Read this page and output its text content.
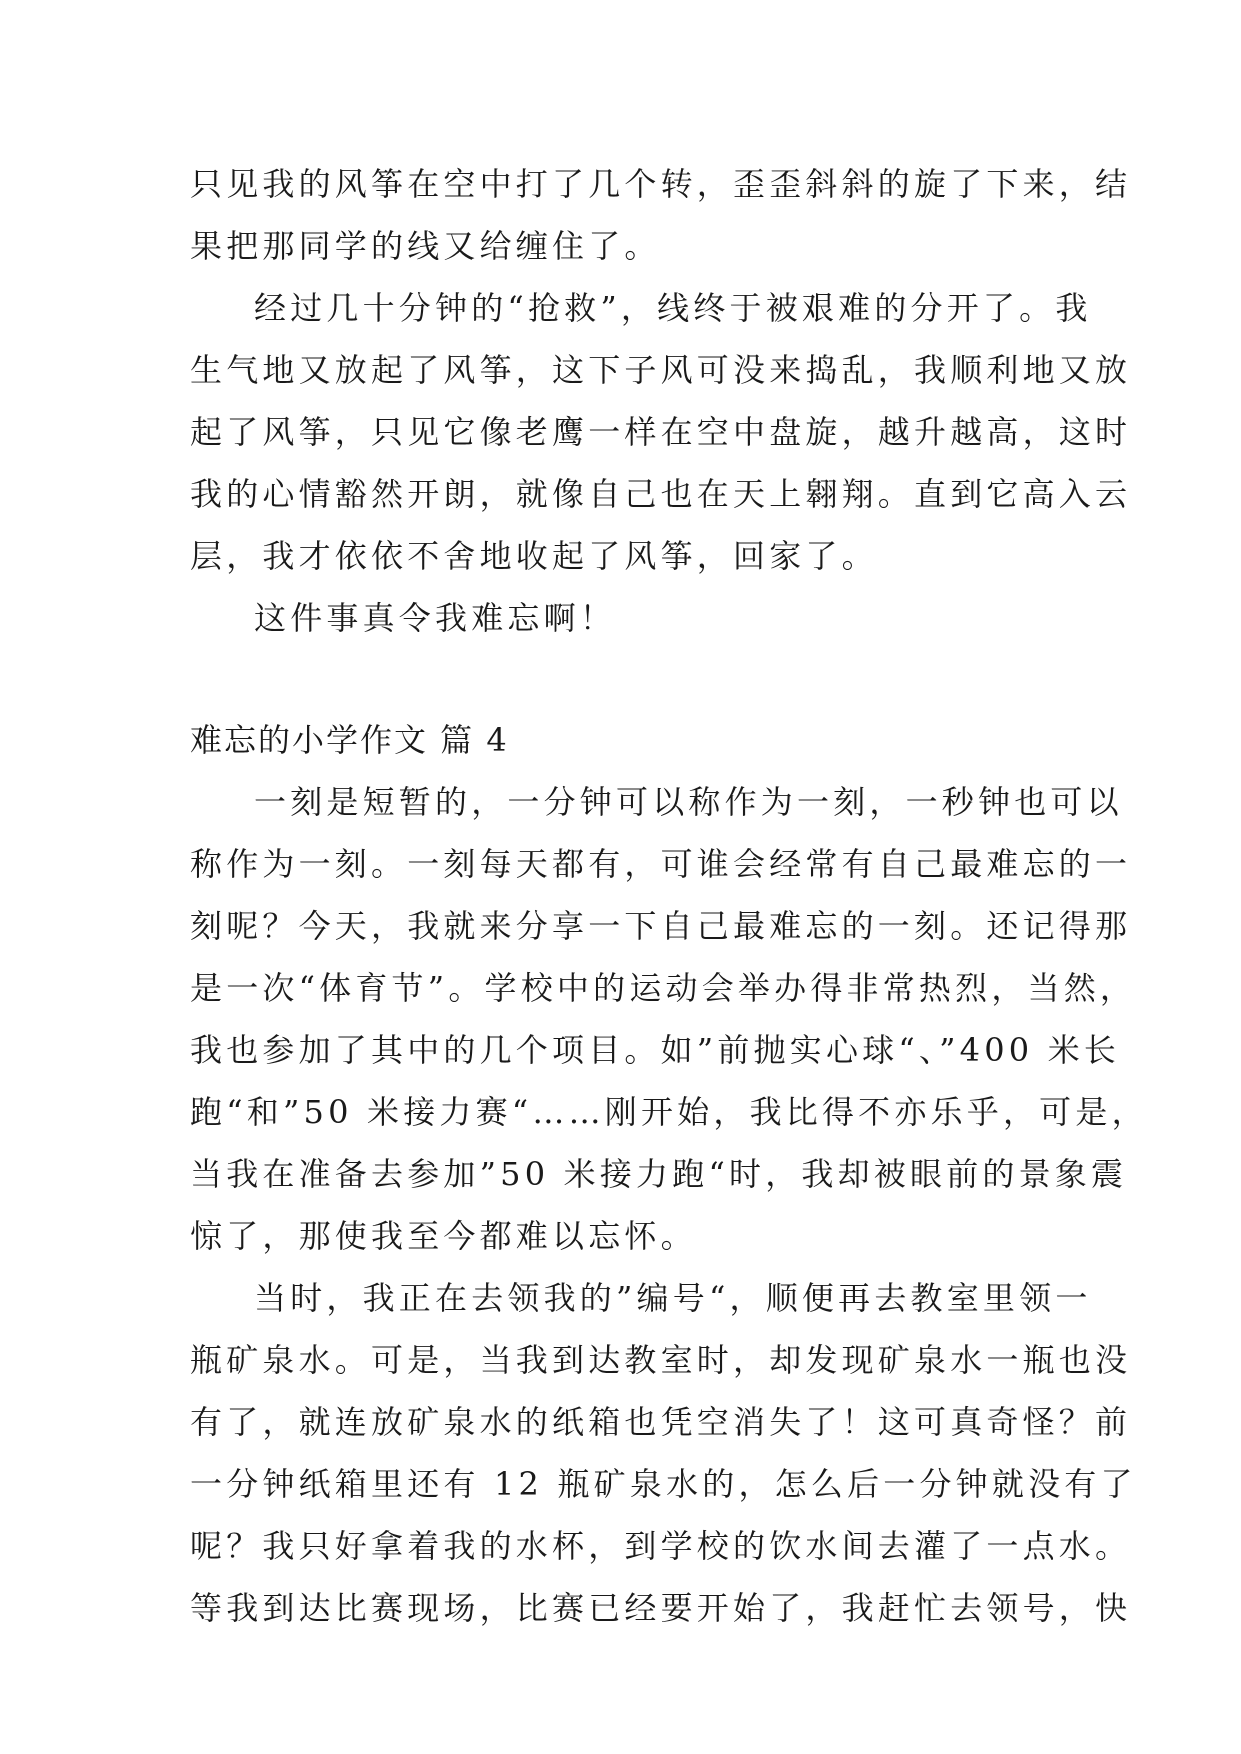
只见我的风筝在空中打了几个转，歪歪斜斜的旋了下来，结
果把那同学的线又给缠住了。
经过几十分钟的“抢救”，线终于被艰难的分开了。我
生气地又放起了风筝，这下子风可没来捣乱，我顺利地又放
起了风筝，只见它像老鹰一样在空中盘旋，越升越高，这时
我的心情豁然开朗，就像自己也在天上翱翔。直到它高入云
层，我才依依不舍地收起了风筝，回家了。
这件事真令我难忘啊！
难忘的小学作文 篇 4
一刻是短暂的，一分钟可以称作为一刻，一秒钟也可以
称作为一刻。一刻每天都有，可谁会经常有自己最难忘的一
刻呢？今天，我就来分享一下自己最难忘的一刻。还记得那
是一次“体育节”。学校中的运动会举办得非常热烈，当然，
我也参加了其中的几个项目。如”前抛实心球“、”400 米长
跑“和”50 米接力赛“……刚开始，我比得不亦乐乎，可是，
当我在准备去参加”50 米接力跑“时，我却被眼前的景象震
惊了，那使我至今都难以忘怀。
当时，我正在去领我的”编号“，顺便再去教室里领一
瓶矿泉水。可是，当我到达教室时，却发现矿泉水一瓶也没
有了，就连放矿泉水的纸箱也凭空消失了！这可真奇怪？前
一分钟纸箱里还有 12 瓶矿泉水的，怎么后一分钟就没有了
呢？我只好拿着我的水杯，到学校的饮水间去灌了一点水。
等我到达比赛现场，比赛已经要开始了，我赶忙去领号，快
